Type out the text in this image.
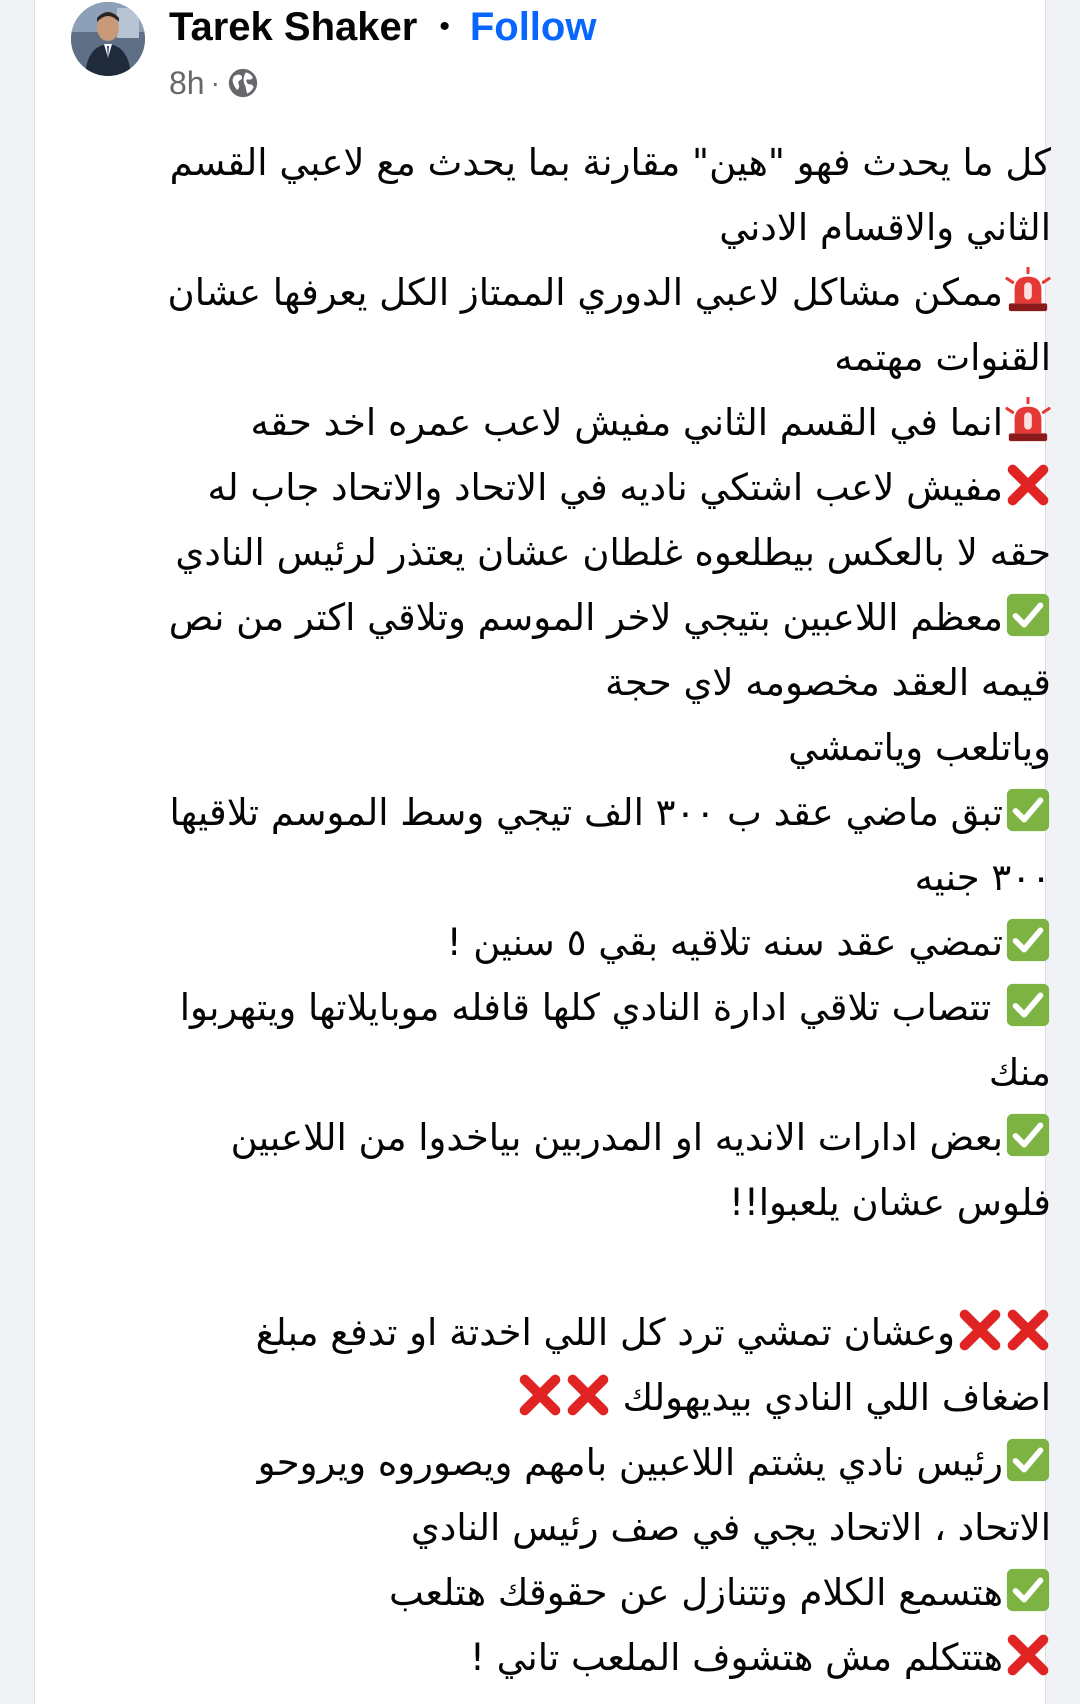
Tarek Shaker • Follow
8h ·
كل ما يحدث فهو "هين" مقارنة بما يحدث مع لاعبي القسم
الثاني والاقسام الادني
ممكن مشاكل لاعبي الدوري الممتاز الكل يعرفها عشان
القنوات مهتمه
انما في القسم الثاني مفيش لاعب عمره اخد حقه
مفيش لاعب اشتكي ناديه في الاتحاد والاتحاد جاب له
حقه لا بالعكس بيطلعوه غلطان عشان يعتذر لرئيس النادي
معظم اللاعبين بتيجي لاخر الموسم وتلاقي اكتر من نص
قيمه العقد مخصومه لاي حجة
وياتلعب وياتمشي
تبق ماضي عقد ب ٣٠٠ الف تيجي وسط الموسم تلاقيها
٣٠٠ جنيه
تمضي عقد سنه تلاقيه بقي ٥ سنين !
تتصاب تلاقي ادارة النادي كلها قافله موبايلاتها ويتهربوا
منك
بعض ادارات الانديه او المدربين بياخدوا من اللاعبين
فلوس عشان يلعبوا!!
وعشان تمشي ترد كل اللي اخدتة او تدفع مبلغ
اضغاف اللي النادي بيديهولك
رئيس نادي يشتم اللاعبين بامهم ويصوروه ويروحو
الاتحاد ، الاتحاد يجي في صف رئيس النادي
هتسمع الكلام وتتنازل عن حقوقك هتلعب
هتتكلم مش هتشوف الملعب تاني !
